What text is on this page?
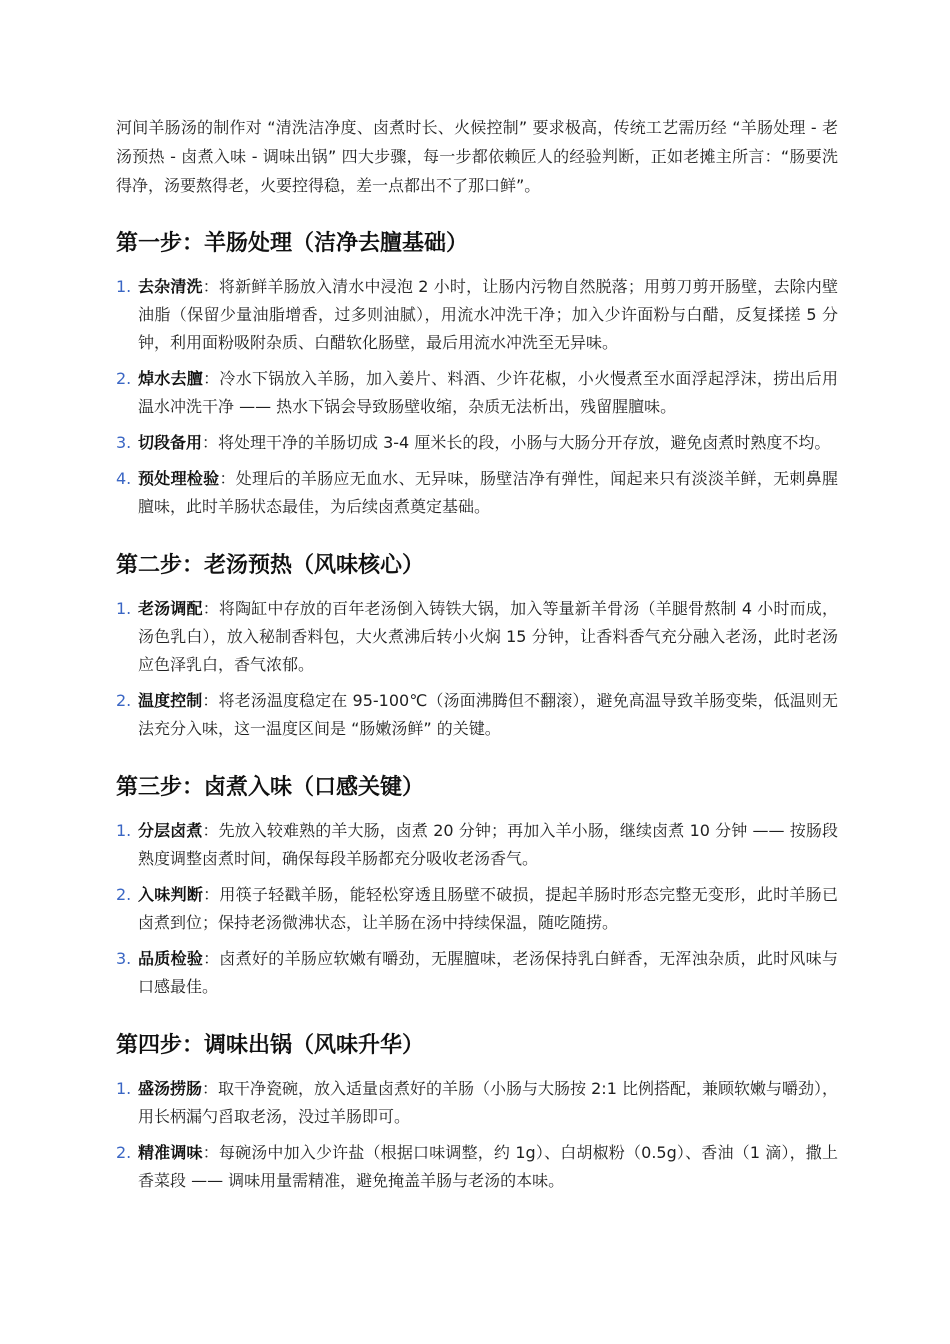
河间羊肠汤的制作对 “清洗洁净度、卤煮时长、火候控制” 要求极高，传统工艺需历经 “羊肠处理 - 老汤预热 - 卤煮入味 - 调味出锅” 四大步骤，每一步都依赖匠人的经验判断，正如老摊主所言：“肠要洗得净，汤要熬得老，火要控得稳，差一点都出不了那口鲜”。

第一步：羊肠处理（洁净去膻基础）
1. 去杂清洗：将新鲜羊肠放入清水中浸泡 2 小时，让肠内污物自然脱落；用剪刀剪开肠壁，去除内壁油脂（保留少量油脂增香，过多则油腻），用流水冲洗干净；加入少许面粉与白醋，反复揉搓 5 分钟，利用面粉吸附杂质、白醋软化肠壁，最后用流水冲洗至无异味。
2. 焯水去膻：冷水下锅放入羊肠，加入姜片、料酒、少许花椒，小火慢煮至水面浮起浮沫，捞出后用温水冲洗干净 —— 热水下锅会导致肠壁收缩，杂质无法析出，残留腥膻味。
3. 切段备用：将处理干净的羊肠切成 3-4 厘米长的段，小肠与大肠分开存放，避免卤煮时熟度不均。
4. 预处理检验：处理后的羊肠应无血水、无异味，肠壁洁净有弹性，闻起来只有淡淡羊鲜，无刺鼻腥膻味，此时羊肠状态最佳，为后续卤煮奠定基础。
第二步：老汤预热（风味核心）
1. 老汤调配：将陶缸中存放的百年老汤倒入铸铁大锅，加入等量新羊骨汤（羊腿骨熬制 4 小时而成，汤色乳白），放入秘制香料包，大火煮沸后转小火焖 15 分钟，让香料香气充分融入老汤，此时老汤应色泽乳白，香气浓郁。
2. 温度控制：将老汤温度稳定在 95-100℃（汤面沸腾但不翻滚），避免高温导致羊肠变柴，低温则无法充分入味，这一温度区间是 “肠嫩汤鲜” 的关键。
第三步：卤煮入味（口感关键）
1. 分层卤煮：先放入较难熟的羊大肠，卤煮 20 分钟；再加入羊小肠，继续卤煮 10 分钟 —— 按肠段熟度调整卤煮时间，确保每段羊肠都充分吸收老汤香气。
2. 入味判断：用筷子轻戳羊肠，能轻松穿透且肠壁不破损，提起羊肠时形态完整无变形，此时羊肠已卤煮到位；保持老汤微沸状态，让羊肠在汤中持续保温，随吃随捞。
3. 品质检验：卤煮好的羊肠应软嫩有嚼劲，无腥膻味，老汤保持乳白鲜香，无浑浊杂质，此时风味与口感最佳。
第四步：调味出锅（风味升华）
1. 盛汤捞肠：取干净瓷碗，放入适量卤煮好的羊肠（小肠与大肠按 2:1 比例搭配，兼顾软嫩与嚼劲），用长柄漏勺舀取老汤，没过羊肠即可。
2. 精准调味：每碗汤中加入少许盐（根据口味调整，约 1g）、白胡椒粉（0.5g）、香油（1 滴），撒上香菜段 —— 调味用量需精准，避免掩盖羊肠与老汤的本味。
